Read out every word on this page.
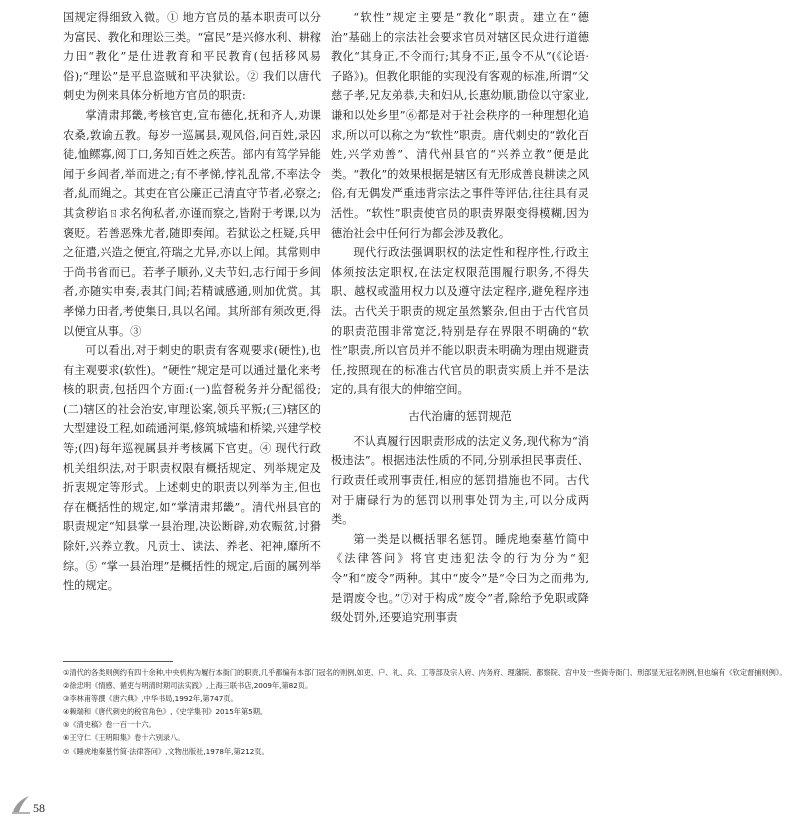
国规定得细致入微。① 地方官员的基本职责可以分为富民、教化和理讼三类。“富民”是兴修水利、耕稼力田“教化”是仕进教育和平民教育(包括移风易俗);“理讼”是平息盗贼和平决狱讼。② 我们以唐代刺史为例来具体分析地方官员的职责:

掌清肃邦畿,考核官吏,宣布德化,抚和齐人,劝课农桑,敦谕五教。每岁一巡属县,观风俗,问百姓,录囚徒,恤鳏寡,阅丁口,务知百姓之疾苦。部内有笃学异能闻于乡闾者,举而进之;有不孝悌,悖礼乱常,不率法令者,糺而绳之。其吏在官公廉正己清直守节者,必察之;其贪秽谄ㄖ求名徇私者,亦谨而察之,皆附于考课,以为褒贬。若善恶殊尤者,随即奏闻。若狱讼之枉疑,兵甲之征遣,兴造之便宜,符瑞之尤异,亦以上闻。其常则申于尚书省而已。若孝子顺孙,义夫节妇,志行闻于乡闾者,亦随实申奏,表其门闾;若精诚感通,则加优赏。其孝悌力田者,考使集日,具以名闻。其所部有须改更,得以便宜从事。③

可以看出,对于刺史的职责有客观要求(硬性),也有主观要求(软性)。“硬性”规定是可以通过量化来考核的职责,包括四个方面:(一)监督税务并分配徭役;(二)辖区的社会治安,审理讼案,领兵平叛;(三)辖区的大型建设工程,如疏通河渠,修筑城墙和桥梁,兴建学校等;(四)每年巡视属县并考核属下官吏。④ 现代行政机关组织法,对于职责权限有概括规定、列举规定及折衷规定等形式。上述刺史的职责以列举为主,但也存在概括性的规定,如“掌清肃邦畿”。清代州县官的职责规定“知县掌一县治理,决讼断辟,劝农赈贫,讨猾除奸,兴养立教。凡贡士、读法、养老、祀神,靡所不综。⑤ “掌一县治理”是概括性的规定,后面的属列举性的规定。

“软性”规定主要是“教化”职责。建立在“德治”基础上的宗法社会要求官员对辖区民众进行道德教化“其身正,不令而行;其身不正,虽令不从”(《论语·子路》)。但教化职能的实现没有客观的标准,所谓“父慈子孝,兄友弟恭,夫和妇从,长惠幼顺,勖俭以守家业,谦和以处乡里”⑥都是对于社会秩序的一种理想化追求,所以可以称之为“软性”职责。唐代刺史的“敦化百姓,兴学劝善”、清代州县官的“兴养立教”便是此类。“教化”的效果根据是辖区有无形成善良耕读之风俗,有无偶发严重违背宗法之事件等评估,往往具有灵活性。“软性”职责使官员的职责界限变得模糊,因为德治社会中任何行为都会涉及教化。

现代行政法强调职权的法定性和程序性,行政主体须按法定职权,在法定权限范围履行职务,不得失职、越权或滥用权力以及遵守法定程序,避免程序违法。古代关于职责的规定虽然繁杂,但由于古代官员的职责范围非常宽泛,特别是存在界限不明确的“软性”职责,所以官员并不能以职责未明确为理由规避责任,按照现在的标准古代官员的职责实质上并不是法定的,具有很大的伸缩空间。

古代治庸的惩罚规范

不认真履行因职责形成的法定义务,现代称为“消极违法”。根据违法性质的不同,分别承担民事责任、行政责任或刑事责任,相应的惩罚措施也不同。古代对于庸碌行为的惩罚以刑事处罚为主,可以分成两类。

第一类是以概括罪名惩罚。睡虎地秦墓竹简中《法律答问》将官吏违犯法令的行为分为“犯令”和“废令”两种。其中“废令”是“令曰为之而弗为,是谓废令也。”⑦对于构成“废令”者,除给予免职或降级处罚外,还要追究刑事责

①清代的各类则例约有四十余种,中央机构为履行本衙门的职责,几乎都编有本部门冠名的则例,如吏、户、礼、兵、工等部及宗人府、内务府、理藩院、都察院、宫中及一些衙寺衙门、刑部显无冠名则例,但也编有《钦定督捕则例》。

②徐忠明《情感、循吏与明清时期司法实践》,上海三联书店,2009年,第82页。

③李林甫等撰《唐六典》,中华书局,1992年,第747页。

④赖瑞和《唐代刺史的税官角色》,《史学集刊》2015年第5期。

⑤《清史稿》卷一百一十六。

⑥王守仁《王明阳集》卷十六别录八。

⑦《睡虎地秦墓竹简·法律答问》,文物出版社,1978年,第212页。

58
